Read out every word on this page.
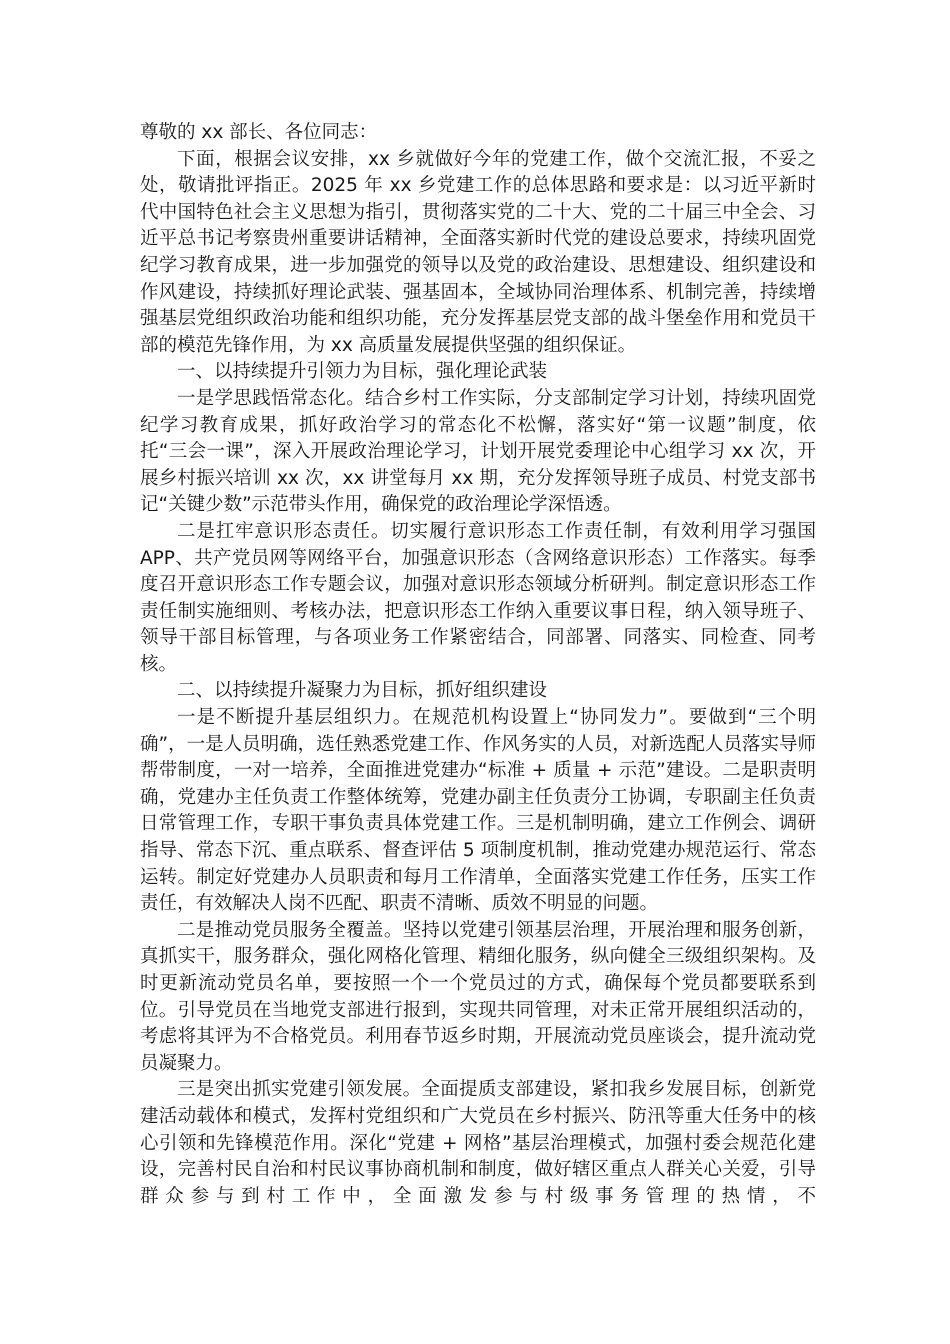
尊敬的 xx 部长、各位同志：

下面，根据会议安排，xx 乡就做好今年的党建工作，做个交流汇报，不妥之处，敬请批评指正。2025 年 xx 乡党建工作的总体思路和要求是：以习近平新时代中国特色社会主义思想为指引，贯彻落实党的二十大、党的二十届三中全会、习近平总书记考察贵州重要讲话精神，全面落实新时代党的建设总要求，持续巩固党纪学习教育成果，进一步加强党的领导以及党的政治建设、思想建设、组织建设和作风建设，持续抓好理论武装、强基固本，全域协同治理体系、机制完善，持续增强基层党组织政治功能和组织功能，充分发挥基层党支部的战斗堡垒作用和党员干部的模范先锋作用，为 xx 高质量发展提供坚强的组织保证。

一、以持续提升引领力为目标，强化理论武装

一是学思践悟常态化。结合乡村工作实际，分支部制定学习计划，持续巩固党纪学习教育成果，抓好政治学习的常态化不松懈，落实好“第一议题”制度，依托“三会一课”，深入开展政治理论学习，计划开展党委理论中心组学习 xx 次，开展乡村振兴培训 xx 次，xx 讲堂每月 xx 期，充分发挥领导班子成员、村党支部书记“关键少数”示范带头作用，确保党的政治理论学深悟透。

二是扛牢意识形态责任。切实履行意识形态工作责任制，有效利用学习强国 APP、共产党员网等网络平台，加强意识形态（含网络意识形态）工作落实。每季度召开意识形态工作专题会议，加强对意识形态领域分析研判。制定意识形态工作责任制实施细则、考核办法，把意识形态工作纳入重要议事日程，纳入领导班子、领导干部目标管理，与各项业务工作紧密结合，同部署、同落实、同检查、同考核。

二、以持续提升凝聚力为目标，抓好组织建设

一是不断提升基层组织力。在规范机构设置上“协同发力”。要做到“三个明确”，一是人员明确，选任熟悉党建工作、作风务实的人员，对新选配人员落实导师帮带制度，一对一培养，全面推进党建办“标准 + 质量 + 示范”建设。二是职责明确，党建办主任负责工作整体统筹，党建办副主任负责分工协调，专职副主任负责日常管理工作，专职干事负责具体党建工作。三是机制明确，建立工作例会、调研指导、常态下沉、重点联系、督查评估 5 项制度机制，推动党建办规范运行、常态运转。制定好党建办人员职责和每月工作清单，全面落实党建工作任务，压实工作责任，有效解决人岗不匹配、职责不清晰、质效不明显的问题。

二是推动党员服务全覆盖。坚持以党建引领基层治理，开展治理和服务创新，真抓实干，服务群众，强化网格化管理、精细化服务，纵向健全三级组织架构。及时更新流动党员名单，要按照一个一个党员过的方式，确保每个党员都要联系到位。引导党员在当地党支部进行报到，实现共同管理，对未正常开展组织活动的，考虑将其评为不合格党员。利用春节返乡时期，开展流动党员座谈会，提升流动党员凝聚力。

三是突出抓实党建引领发展。全面提质支部建设，紧扣我乡发展目标，创新党建活动载体和模式，发挥村党组织和广大党员在乡村振兴、防汛等重大任务中的核心引领和先锋模范作用。深化“党建 + 网格”基层治理模式，加强村委会规范化建设，完善村民自治和村民议事协商机制和制度，做好辖区重点人群关心关爱，引导群众参与到村工作中，全面激发参与村级事务管理的热情，不
